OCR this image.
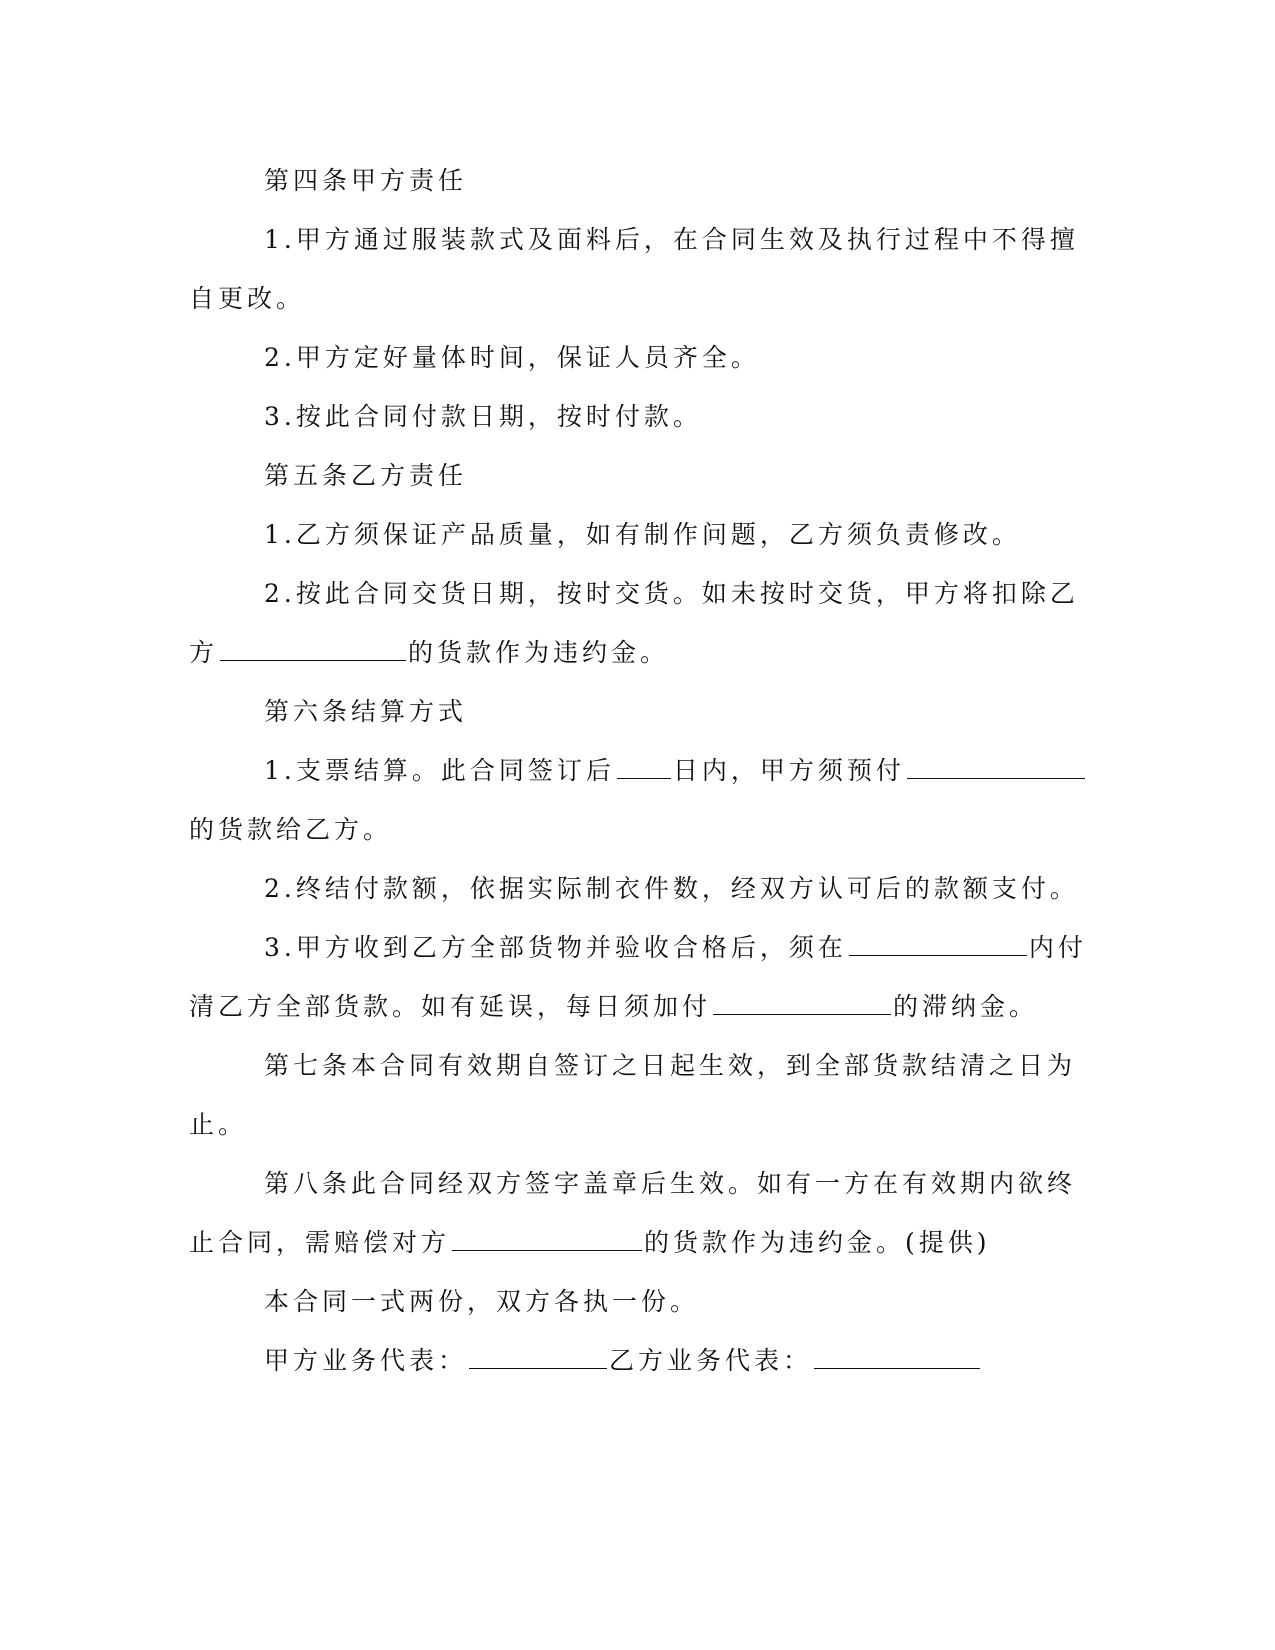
第四条甲方责任
1.甲方通过服装款式及面料后，在合同生效及执行过程中不得擅
自更改。
2.甲方定好量体时间，保证人员齐全。
3.按此合同付款日期，按时付款。
第五条乙方责任
1.乙方须保证产品质量，如有制作问题，乙方须负责修改。
2.按此合同交货日期，按时交货。如未按时交货，甲方将扣除乙
方	的货款作为违约金。
第六条结算方式
1.支票结算。此合同签订后 日内，甲方须预付
的货款给乙方。
2.终结付款额，依据实际制衣件数，经双方认可后的款额支付。
3.甲方收到乙方全部货物并验收合格后，须在	内付
清乙方全部货款。如有延误，每日须加付	的滞纳金。
第七条本合同有效期自签订之日起生效，到全部货款结清之日为
止。
第八条此合同经双方签字盖章后生效。如有一方在有效期内欲终
止合同，需赔偿对方	的货款作为违约金。(提供)
本合同一式两份，双方各执一份。
甲方业务代表：	乙方业务代表：
